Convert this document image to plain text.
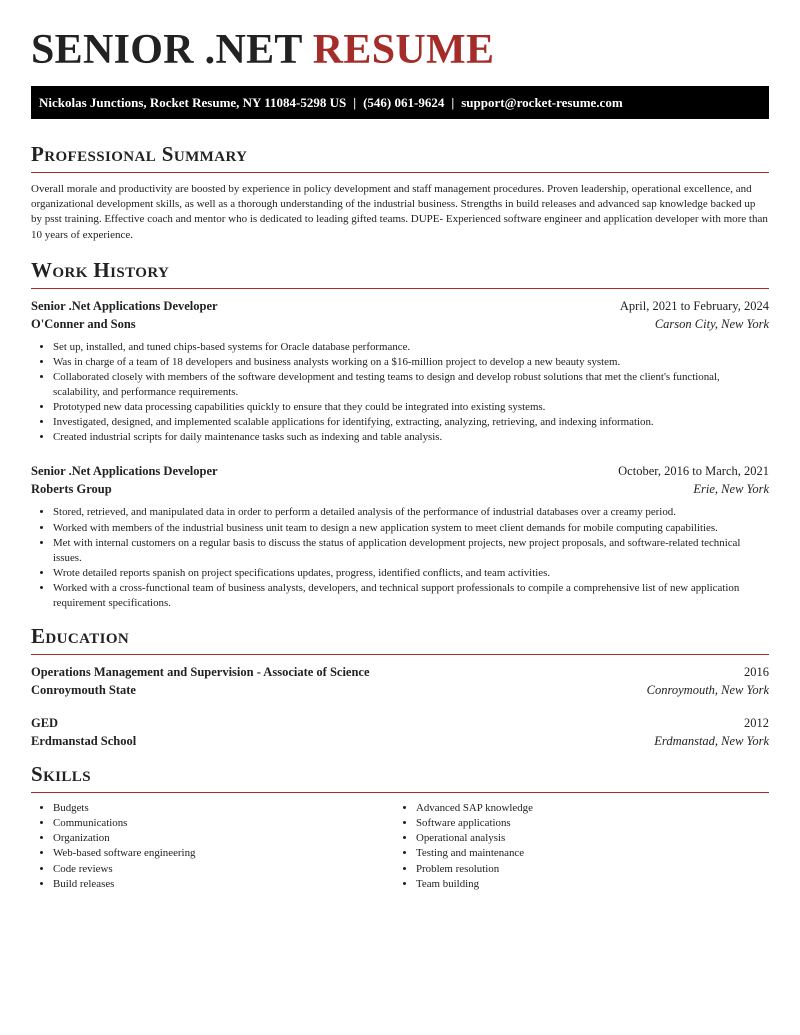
SENIOR .NET RESUME
Nickolas Junctions, Rocket Resume, NY 11084-5298 US | (546) 061-9624 | support@rocket-resume.com
Professional Summary

Overall morale and productivity are boosted by experience in policy development and staff management procedures. Proven leadership, operational excellence, and organizational development skills, as well as a thorough understanding of the industrial business. Strengths in build releases and advanced sap knowledge backed up by psst training. Effective coach and mentor who is dedicated to leading gifted teams. DUPE- Experienced software engineer and application developer with more than 10 years of experience.

Work History
Senior .Net Applications Developer	April, 2021 to February, 2024
O'Conner and Sons	Carson City, New York
• Set up, installed, and tuned chips-based systems for Oracle database performance.
• Was in charge of a team of 18 developers and business analysts working on a $16-million project to develop a new beauty system.
• Collaborated closely with members of the software development and testing teams to design and develop robust solutions that met the client's functional, scalability, and performance requirements.
• Prototyped new data processing capabilities quickly to ensure that they could be integrated into existing systems.
• Investigated, designed, and implemented scalable applications for identifying, extracting, analyzing, retrieving, and indexing information.
• Created industrial scripts for daily maintenance tasks such as indexing and table analysis.
Senior .Net Applications Developer	October, 2016 to March, 2021
Roberts Group	Erie, New York
• Stored, retrieved, and manipulated data in order to perform a detailed analysis of the performance of industrial databases over a creamy period.
• Worked with members of the industrial business unit team to design a new application system to meet client demands for mobile computing capabilities.
• Met with internal customers on a regular basis to discuss the status of application development projects, new project proposals, and software-related technical issues.
• Wrote detailed reports spanish on project specifications updates, progress, identified conflicts, and team activities.
• Worked with a cross-functional team of business analysts, developers, and technical support professionals to compile a comprehensive list of new application requirement specifications.
Education
Operations Management and Supervision - Associate of Science	2016
Conroymouth State	Conroymouth, New York
GED	2012
Erdmanstad School	Erdmanstad, New York
Skills
• Budgets
• Communications
• Organization
• Web-based software engineering
• Code reviews
• Build releases
• Advanced SAP knowledge
• Software applications
• Operational analysis
• Testing and maintenance
• Problem resolution
• Team building
